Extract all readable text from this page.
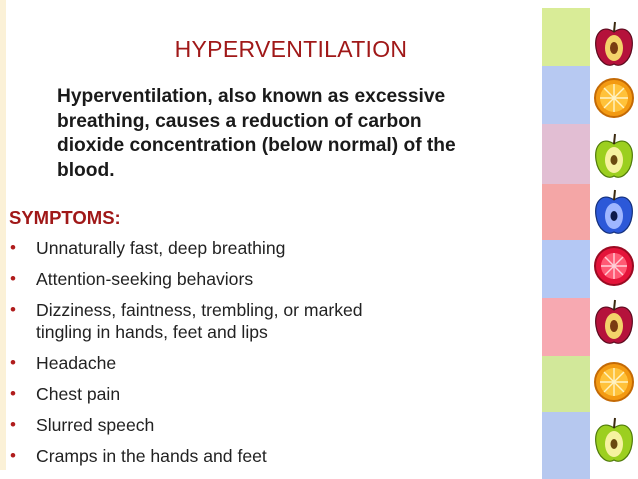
HYPERVENTILATION
Hyperventilation, also known as excessive
breathing, causes a reduction of carbon
dioxide concentration (below normal) of the
blood.
SYMPTOMS:
• Unnaturally fast, deep breathing
• Attention-seeking behaviors
• Dizziness, faintness, trembling, or marked
tingling in hands, feet and lips
• Headache
• Chest pain
• Slurred speech
• Cramps in the hands and feet
